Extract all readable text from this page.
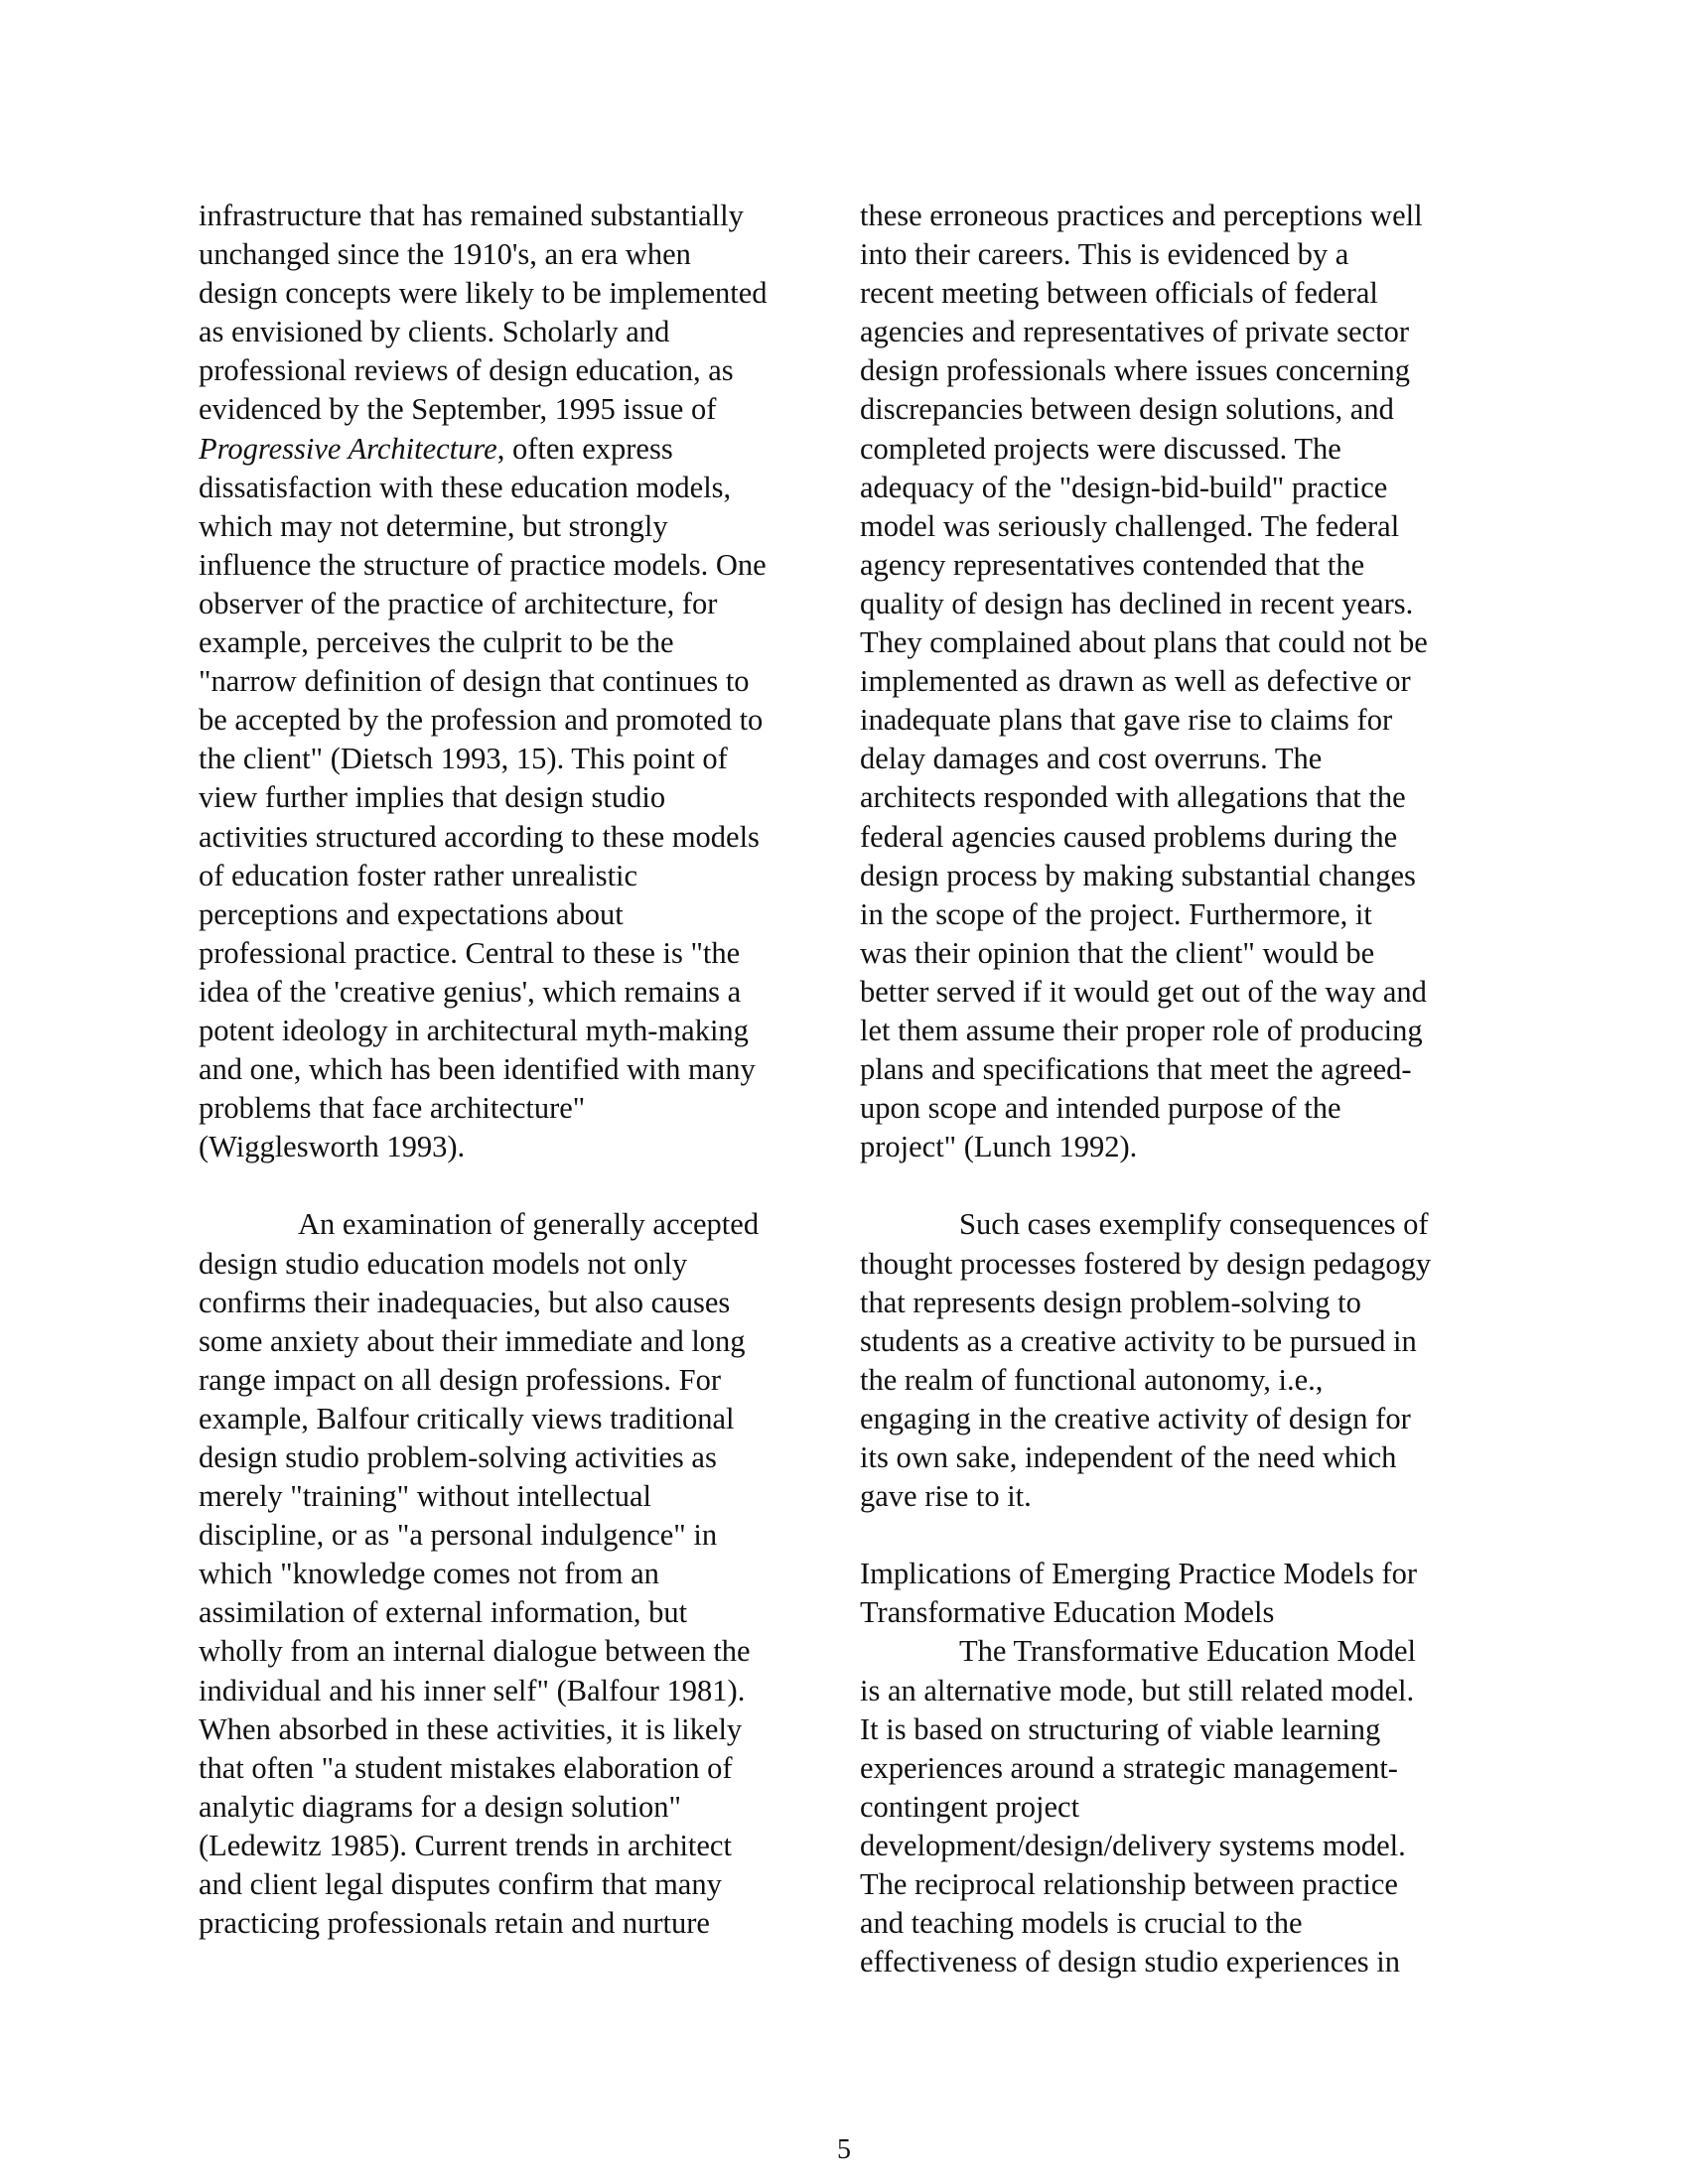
infrastructure that has remained substantially
unchanged since the 1910's, an era when
design concepts were likely to be implemented
as envisioned by clients. Scholarly and
professional reviews of design education, as
evidenced by the September, 1995 issue of
Progressive Architecture, often express
dissatisfaction with these education models,
which may not determine, but strongly
influence the structure of practice models. One
observer of the practice of architecture, for
example, perceives the culprit to be the
"narrow definition of design that continues to
be accepted by the profession and promoted to
the client" (Dietsch 1993, 15). This point of
view further implies that design studio
activities structured according to these models
of education foster rather unrealistic
perceptions and expectations about
professional practice. Central to these is "the
idea of the 'creative genius', which remains a
potent ideology in architectural myth-making
and one, which has been identified with many
problems that face architecture"
(Wigglesworth 1993).
An examination of generally accepted
design studio education models not only
confirms their inadequacies, but also causes
some anxiety about their immediate and long
range impact on all design professions. For
example, Balfour critically views traditional
design studio problem-solving activities as
merely "training" without intellectual
discipline, or as "a personal indulgence" in
which "knowledge comes not from an
assimilation of external information, but
wholly from an internal dialogue between the
individual and his inner self" (Balfour 1981).
When absorbed in these activities, it is likely
that often "a student mistakes elaboration of
analytic diagrams for a design solution"
(Ledewitz 1985). Current trends in architect
and client legal disputes confirm that many
practicing professionals retain and nurture
these erroneous practices and perceptions well
into their careers. This is evidenced by a
recent meeting between officials of federal
agencies and representatives of private sector
design professionals where issues concerning
discrepancies between design solutions, and
completed projects were discussed. The
adequacy of the "design-bid-build" practice
model was seriously challenged. The federal
agency representatives contended that the
quality of design has declined in recent years.
They complained about plans that could not be
implemented as drawn as well as defective or
inadequate plans that gave rise to claims for
delay damages and cost overruns. The
architects responded with allegations that the
federal agencies caused problems during the
design process by making substantial changes
in the scope of the project. Furthermore, it
was their opinion that the client" would be
better served if it would get out of the way and
let them assume their proper role of producing
plans and specifications that meet the agreed-
upon scope and intended purpose of the
project" (Lunch 1992).
Such cases exemplify consequences of
thought processes fostered by design pedagogy
that represents design problem-solving to
students as a creative activity to be pursued in
the realm of functional autonomy, i.e.,
engaging in the creative activity of design for
its own sake, independent of the need which
gave rise to it.
Implications of Emerging Practice Models for
Transformative Education Models
The Transformative Education Model
is an alternative mode, but still related model.
It is based on structuring of viable learning
experiences around a strategic management-
contingent project
development/design/delivery systems model.
The reciprocal relationship between practice
and teaching models is crucial to the
effectiveness of design studio experiences in
5
